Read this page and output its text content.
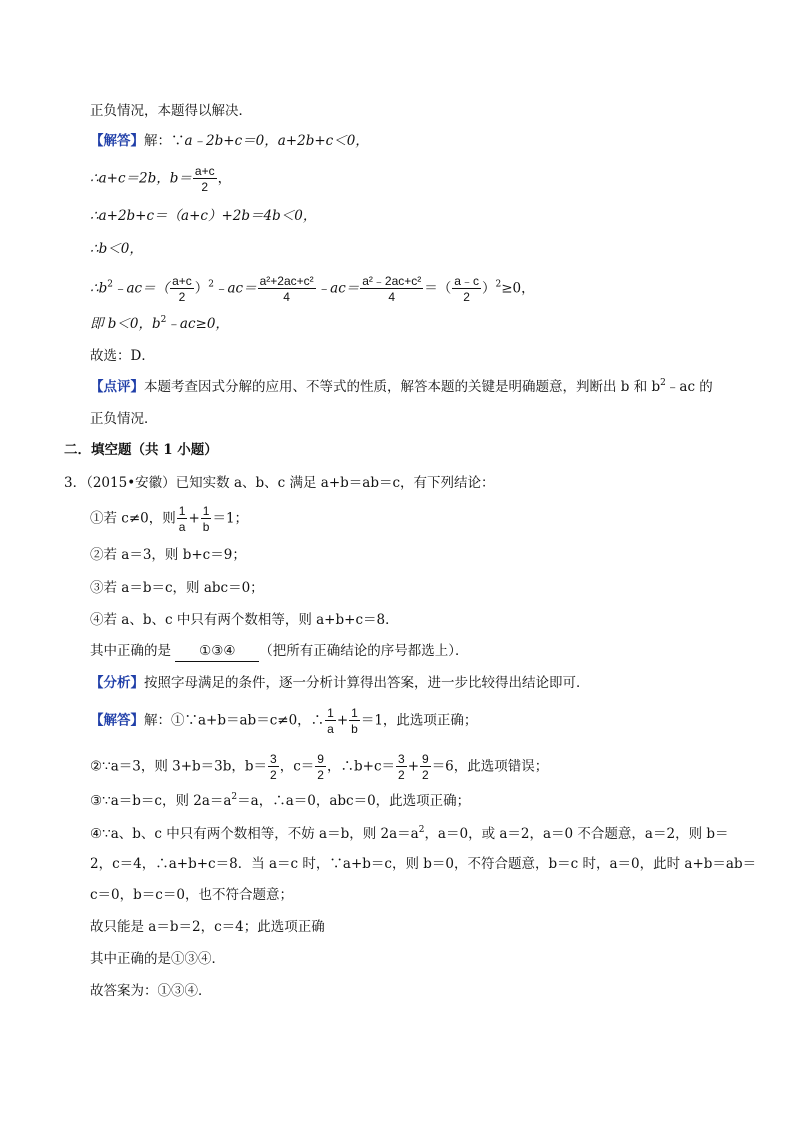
正负情况，本题得以解决．
【解答】解：∵a﹣2b+c＝0，a+2b+c＜0，
∴a+c＝2b，$b= \frac{a+c}{2}$ ，
∴a+2b+c＝（a+c）+2b＝4b＜0，
∴b＜0，
$\therefore b^2﹣ac=( \frac{a+c}{2}$ ）$^2$﹣ac＝ $\frac{\text{a²+2ac+c²}}{4}$ ﹣ac＝ $\frac{\text{a²﹣2ac+c²}}{4}$ ＝（ $\frac{a﹣c}{2} )^2\ge 0$，
即 b＜0，$b^2﹣ac\ge 0$，
故选：D．
【点评】本题考查因式分解的应用、不等式的性质，解答本题的关键是明确题意，判断出 b 和 $b^2﹣ac$ 的
正负情况．
二．填空题（共 1 小题）
3．（2015•安徽）已知实数 a、b、c 满足 a+b＝ab＝c，有下列结论：
①若 c≠0，则 $\frac{1}{a} + \frac{1}{b} =1$；
②若 a＝3，则 b+c＝9；
③若 a＝b＝c，则 abc＝0；
④若 a、b、c 中只有两个数相等，则 a+b+c＝8．
其中正确的是 ①③④ （把所有正确结论的序号都选上）．
【分析】按照字母满足的条件，逐一分析计算得出答案，进一步比较得出结论即可．
【解答】解：①∵a+b＝ab＝c≠0，∴ $\frac{1}{a} + \frac{1}{b} =1$，此选项正确；
②∵a＝3，则 3+b＝3b，$b= \frac{3}{2}$ ，$c= \frac{9}{2}$ ，∴b+c＝ $\frac{3}{2} + \frac{9}{2} =6$，此选项错误；
③∵a＝b＝c，则 $2a=a^2=a$，∴a＝0，abc＝0，此选项正确；
④∵a、b、c 中只有两个数相等，不妨 a＝b，则 $2a=a^2$，a＝0，或 a＝2，a＝0 不合题意，a＝2，则 b＝
2，c＝4，∴a+b+c＝8．当 a＝c 时，∵a+b＝c，则 b＝0，不符合题意，b＝c 时，a＝0，此时 a+b＝ab＝
c＝0，b＝c＝0，也不符合题意；
故只能是 a＝b＝2，c＝4；此选项正确
其中正确的是①③④．
故答案为：①③④．
